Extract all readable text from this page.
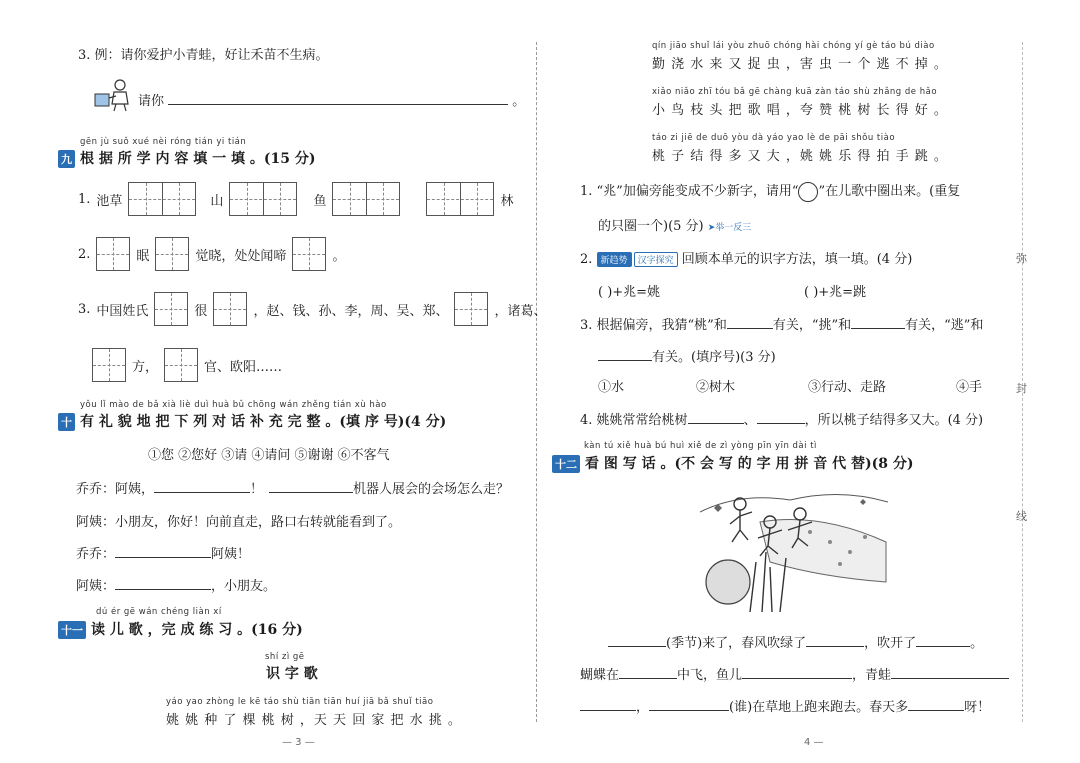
弥
封
线
3. 例：请你爱护小青蛙，好让禾苗不生病。
请你	。
gēn jù suǒ xué nèi róng tián yi tián
九 根 据 所 学 内 容 填 一 填 。(15 分)
1. 池草	山	鱼	林
2.	眠	觉晓，处处闻啼	。
3. 中国姓氏	很	，赵、钱、孙、李，周、吴、郑、	，诸葛、
方，	官、欧阳……
yǒu lǐ mào de bǎ xià liè duì huà bǔ chōng wán zhěng tián xù hào
十 有 礼 貌 地 把 下 列 对 话 补 充 完 整 。(填 序 号)(4 分)
①您 ②您好 ③请 ④请问 ⑤谢谢 ⑥不客气
乔乔：阿姨，	！	机器人展会的会场怎么走？
阿姨：小朋友，你好！向前直走，路口右转就能看到了。
乔乔：	阿姨！
阿姨：	，小朋友。
dú ér gē wán chéng liàn xí
十一 读 儿 歌 ，完 成 练 习 。(16 分)
shí zì gē
识 字 歌
yáo yao zhòng le kē táo shù tiān tiān huí jiā bǎ shuǐ tiāo
姚 姚 种 了 棵 桃 树 ，天 天 回 家 把 水 挑 。
— 3 —
qín jiāo shuǐ lái yòu zhuō chóng hài chóng yí gè táo bú diào
勤 浇 水 来 又 捉 虫 ，害 虫 一 个 逃 不 掉 。
xiǎo niǎo zhī tóu bǎ gē chàng kuā zàn táo shù zhǎng de hǎo
小 鸟 枝 头 把 歌 唱 ，夸 赞 桃 树 长 得 好 。
táo zi jiē de duō yòu dà yáo yao lè de pāi shǒu tiào
桃 子 结 得 多 又 大 ，姚 姚 乐 得 拍 手 跳 。
1. “兆”加偏旁能变成不少新字，请用“ ”在儿歌中圈出来。(重复
的只圈一个)(5 分) ➤举一反三
2. 新趋势 汉字探究 回顾本单元的识字方法，填一填。(4 分)
( )+兆=姚	( )+兆=跳
3. 根据偏旁，我猜“桃”和	有关，“挑”和	有关，“逃”和
有关。(填序号)(3 分)
①水	②树木	③行动、走路	④手
4. 姚姚常常给桃树	、	，所以桃子结得多又大。(4 分)
kàn tú xiě huà bú huì xiě de zì yòng pīn yīn dài tì
十二 看 图 写 话 。(不 会 写 的 字 用 拼 音 代 替)(8 分)
(季节)来了，春风吹绿了	，吹开了	。
蝴蝶在	中飞，鱼儿	，青蛙
，	(谁)在草地上跑来跑去。春天多	呀！
4 —
